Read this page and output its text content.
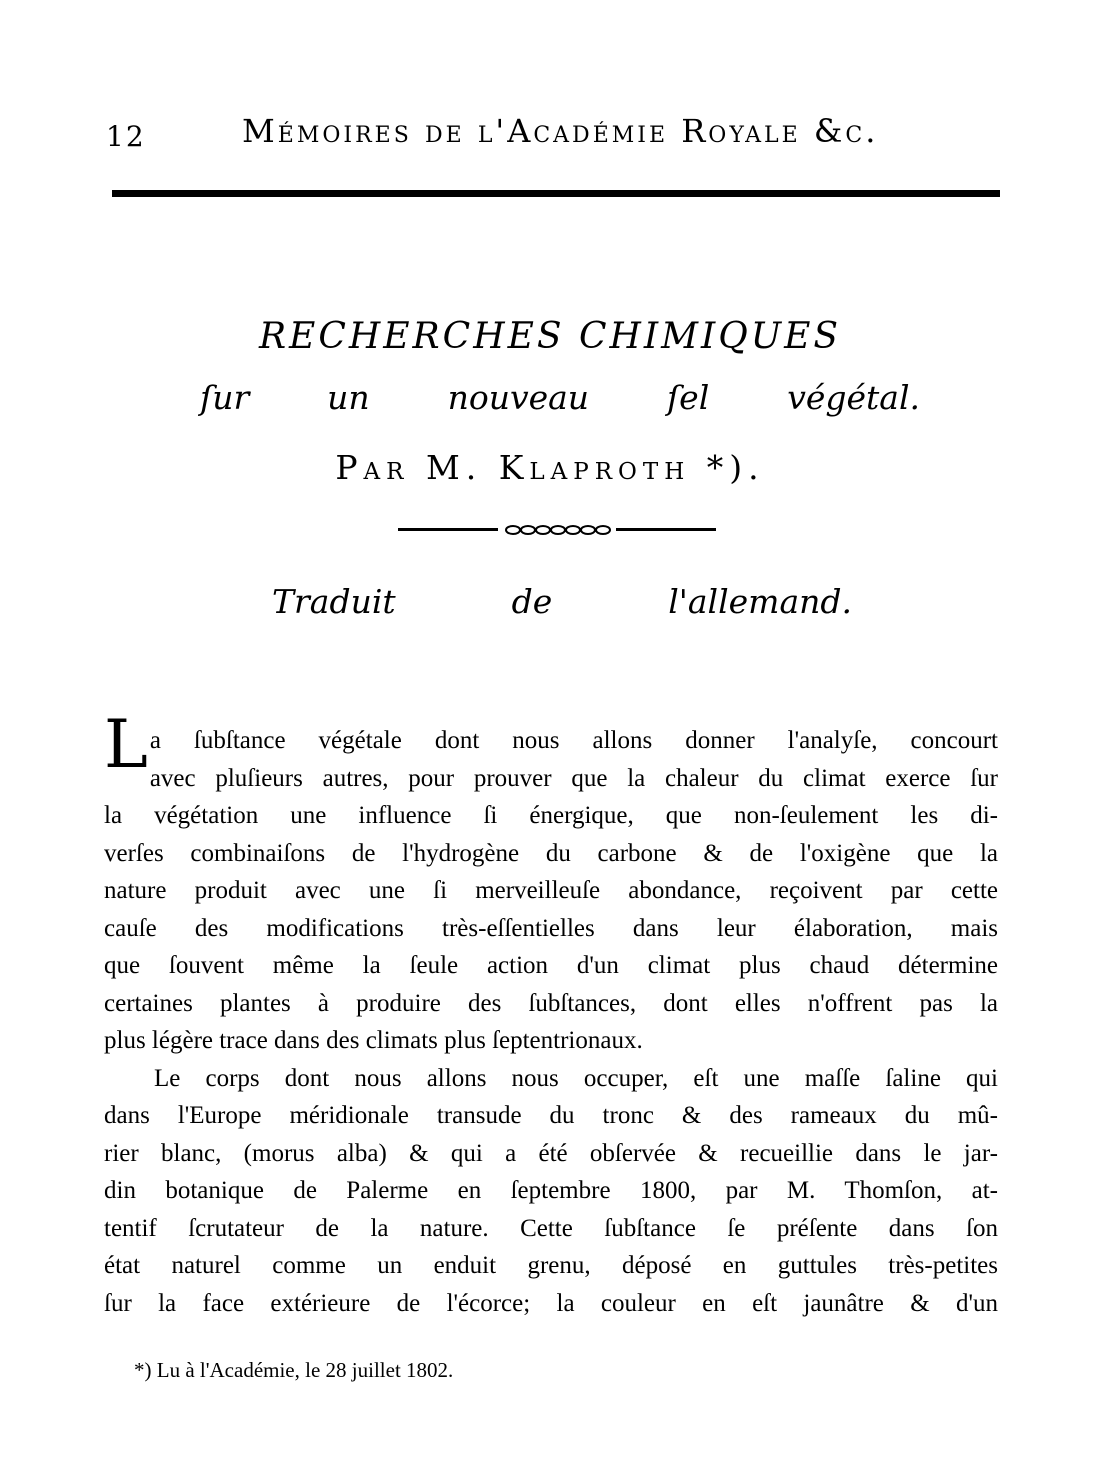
12	Mémoires de l'Académie Royale &c.
RECHERCHES CHIMIQUES
ſur un nouveau ſel végétal.
Par M. Klaproth *).
Traduit	de	l'allemand.
La ſubſtance végétale dont nous allons donner l'analyſe, concourt
avec pluſieurs autres, pour prouver que la chaleur du climat exerce ſur
la végétation une influence ſi énergique, que non-ſeulement les di-
verſes combinaiſons de l'hydrogène du carbone & de l'oxigène que la
nature produit avec une ſi merveilleuſe abondance, reçoivent par cette
cauſe des modifications très-eſſentielles dans leur élaboration, mais
que ſouvent même la ſeule action d'un climat plus chaud détermine
certaines plantes à produire des ſubſtances, dont elles n'offrent pas la
plus légère trace dans des climats plus ſeptentrionaux.
Le corps dont nous allons nous occuper, eſt une maſſe ſaline qui
dans l'Europe méridionale transude du tronc & des rameaux du mû-
rier blanc, (morus alba) & qui a été obſervée & recueillie dans le jar-
din botanique de Palerme en ſeptembre 1800, par M. Thomſon, at-
tentif ſcrutateur de la nature. Cette ſubſtance ſe préſente dans ſon
état naturel comme un enduit grenu, déposé en guttules très-petites
ſur la face extérieure de l'écorce; la couleur en eſt jaunâtre & d'un
*) Lu à l'Académie, le 28 juillet 1802.
